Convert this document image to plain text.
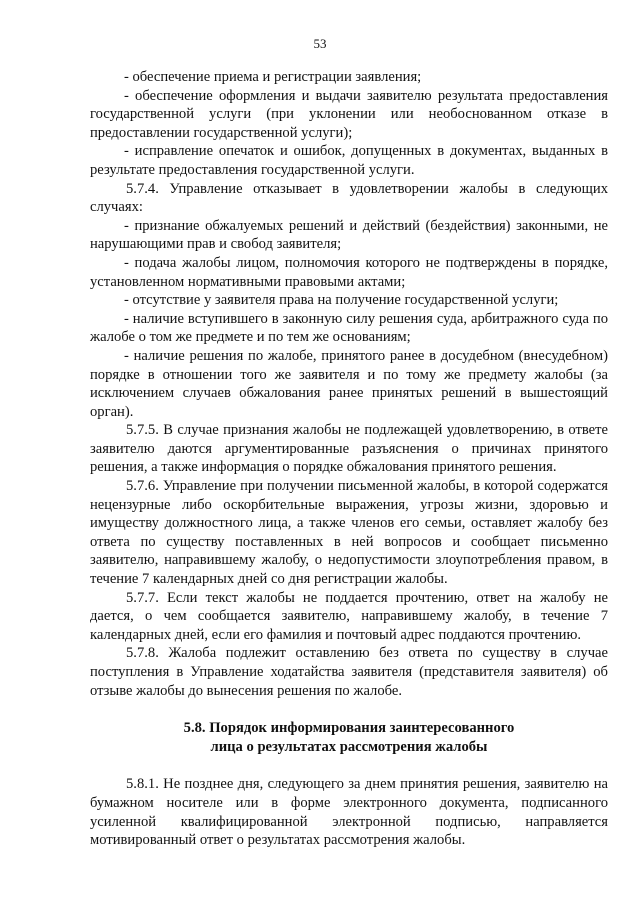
53

- обеспечение приема и регистрации заявления;

- обеспечение оформления и выдачи заявителю результата предоставления государственной услуги (при уклонении или необоснованном отказе в предоставлении государственной услуги);

- исправление опечаток и ошибок, допущенных в документах, выданных в результате предоставления государственной услуги.

5.7.4. Управление отказывает в удовлетворении жалобы в следующих случаях:

- признание обжалуемых решений и действий (бездействия) законными, не нарушающими прав и свобод заявителя;

- подача жалобы лицом, полномочия которого не подтверждены в порядке, установленном нормативными правовыми актами;

- отсутствие у заявителя права на получение государственной услуги;

- наличие вступившего в законную силу решения суда, арбитражного суда по жалобе о том же предмете и по тем же основаниям;

- наличие решения по жалобе, принятого ранее в досудебном (внесудебном) порядке в отношении того же заявителя и по тому же предмету жалобы (за исключением случаев обжалования ранее принятых решений в вышестоящий орган).

5.7.5. В случае признания жалобы не подлежащей удовлетворению, в ответе заявителю даются аргументированные разъяснения о причинах принятого решения, а также информация о порядке обжалования принятого решения.

5.7.6. Управление при получении письменной жалобы, в которой содержатся нецензурные либо оскорбительные выражения, угрозы жизни, здоровью и имуществу должностного лица, а также членов его семьи, оставляет жалобу без ответа по существу поставленных в ней вопросов и сообщает письменно заявителю, направившему жалобу, о недопустимости злоупотребления правом, в течение 7 календарных дней со дня регистрации жалобы.

5.7.7. Если текст жалобы не поддается прочтению, ответ на жалобу не дается, о чем сообщается заявителю, направившему жалобу, в течение 7 календарных дней, если его фамилия и почтовый адрес поддаются прочтению.

5.7.8. Жалоба подлежит оставлению без ответа по существу в случае поступления в Управление ходатайства заявителя (представителя заявителя) об отзыве жалобы до вынесения решения по жалобе.

5.8. Порядок информирования заинтересованного
лица о результатах рассмотрения жалобы

5.8.1. Не позднее дня, следующего за днем принятия решения, заявителю на бумажном носителе или в форме электронного документа, подписанного усиленной квалифицированной электронной подписью, направляется мотивированный ответ о результатах рассмотрения жалобы.
